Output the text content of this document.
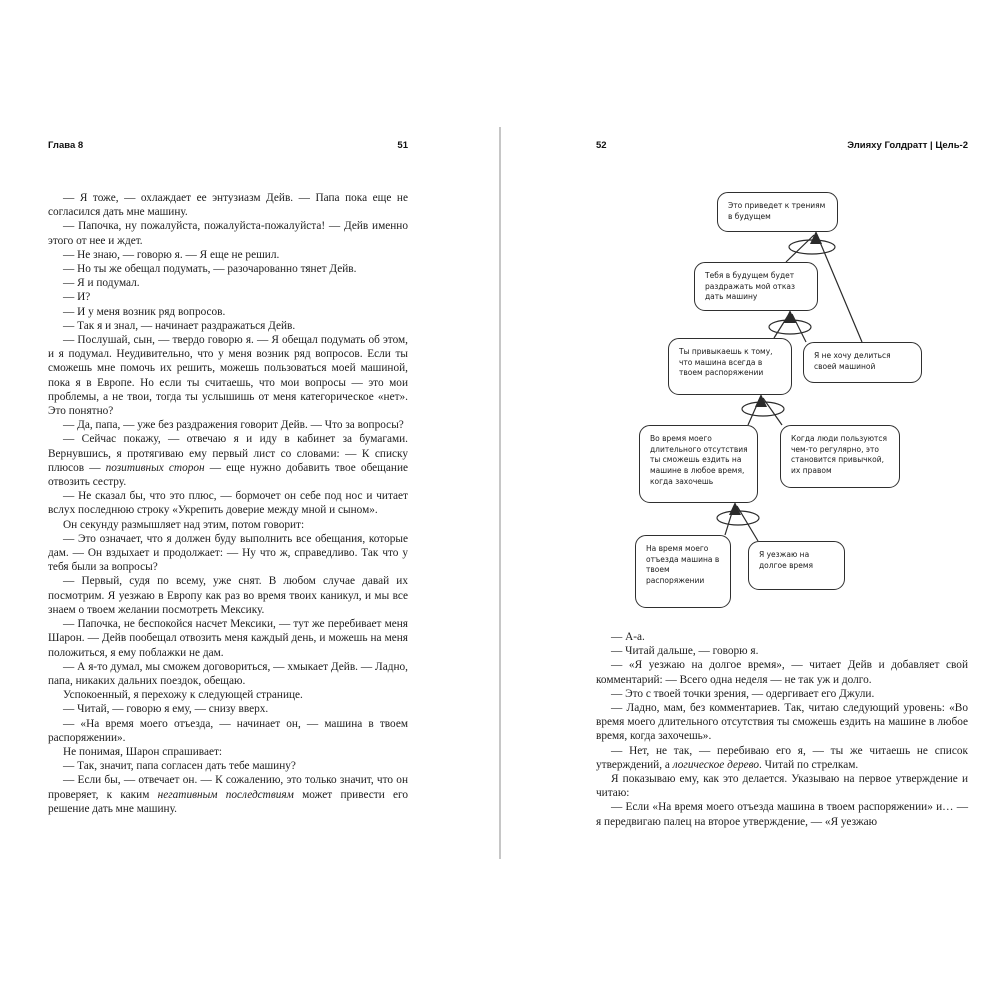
Глава 8	51

— Я тоже, — охлаждает ее энтузиазм Дейв. — Папа пока еще не согласился дать мне машину.

— Папочка, ну пожалуйста, пожалуйста-пожалуйста! — Дейв именно этого от нее и ждет.

— Не знаю, — говорю я. — Я еще не решил.

— Но ты же обещал подумать, — разочарованно тянет Дейв.

— Я и подумал.

— И?

— И у меня возник ряд вопросов.

— Так я и знал, — начинает раздражаться Дейв.

— Послушай, сын, — твердо говорю я. — Я обещал подумать об этом, и я подумал. Неудивительно, что у меня возник ряд вопросов. Если ты сможешь мне помочь их решить, можешь пользоваться моей машиной, пока я в Европе. Но если ты считаешь, что мои вопросы — это мои проблемы, а не твои, тогда ты услышишь от меня категорическое «нет». Это понятно?

— Да, папа, — уже без раздражения говорит Дейв. — Что за вопросы?

— Сейчас покажу, — отвечаю я и иду в кабинет за бумагами. Вернувшись, я протягиваю ему первый лист со словами: — К списку плюсов — позитивных сторон — еще нужно добавить твое обещание отвозить сестру.

— Не сказал бы, что это плюс, — бормочет он себе под нос и читает вслух последнюю строку «Укрепить доверие между мной и сыном».

Он секунду размышляет над этим, потом говорит:

— Это означает, что я должен буду выполнить все обещания, которые дам. — Он вздыхает и продолжает: — Ну что ж, справедливо. Так что у тебя были за вопросы?

— Первый, судя по всему, уже снят. В любом случае давай их посмотрим. Я уезжаю в Европу как раз во время твоих каникул, и мы все знаем о твоем желании посмотреть Мексику.

— Папочка, не беспокойся насчет Мексики, — тут же перебивает меня Шарон. — Дейв пообещал отвозить меня каждый день, и можешь на меня положиться, я ему поблажки не дам.

— А я-то думал, мы сможем договориться, — хмыкает Дейв. — Ладно, папа, никаких дальних поездок, обещаю.

Успокоенный, я перехожу к следующей странице.

— Читай, — говорю я ему, — снизу вверх.

— «На время моего отъезда, — начинает он, — машина в твоем распоряжении».

Не понимая, Шарон спрашивает:

— Так, значит, папа согласен дать тебе машину?

— Если бы, — отвечает он. — К сожалению, это только значит, что он проверяет, к каким негативным последствиям может привести его решение дать мне машину.

52	Элияху Голдратт | Цель-2
Это приведет к трениям в будущем
Тебя в будущем будет раздражать мой отказ дать машину
Ты привыкаешь к тому, что машина всегда в твоем распоряжении
Я не хочу делиться своей машиной
Во время моего длительного отсутствия ты сможешь ездить на машине в любое время, когда захочешь
Когда люди пользуются чем-то регулярно, это становится привычкой, их правом
На время моего отъезда машина в твоем распоряжении
Я уезжаю на долгое время

— А-а.

— Читай дальше, — говорю я.

— «Я уезжаю на долгое время», — читает Дейв и добавляет свой комментарий: — Всего одна неделя — не так уж и долго.

— Это с твоей точки зрения, — одергивает его Джули.

— Ладно, мам, без комментариев. Так, читаю следующий уровень: «Во время моего длительного отсутствия ты сможешь ездить на машине в любое время, когда захочешь».

— Нет, не так, — перебиваю его я, — ты же читаешь не список утверждений, а логическое дерево. Читай по стрелкам.

Я показываю ему, как это делается. Указываю на первое утверждение и читаю:

— Если «На время моего отъезда машина в твоем распоряжении» и… — я передвигаю палец на второе утверждение, — «Я уезжаю
